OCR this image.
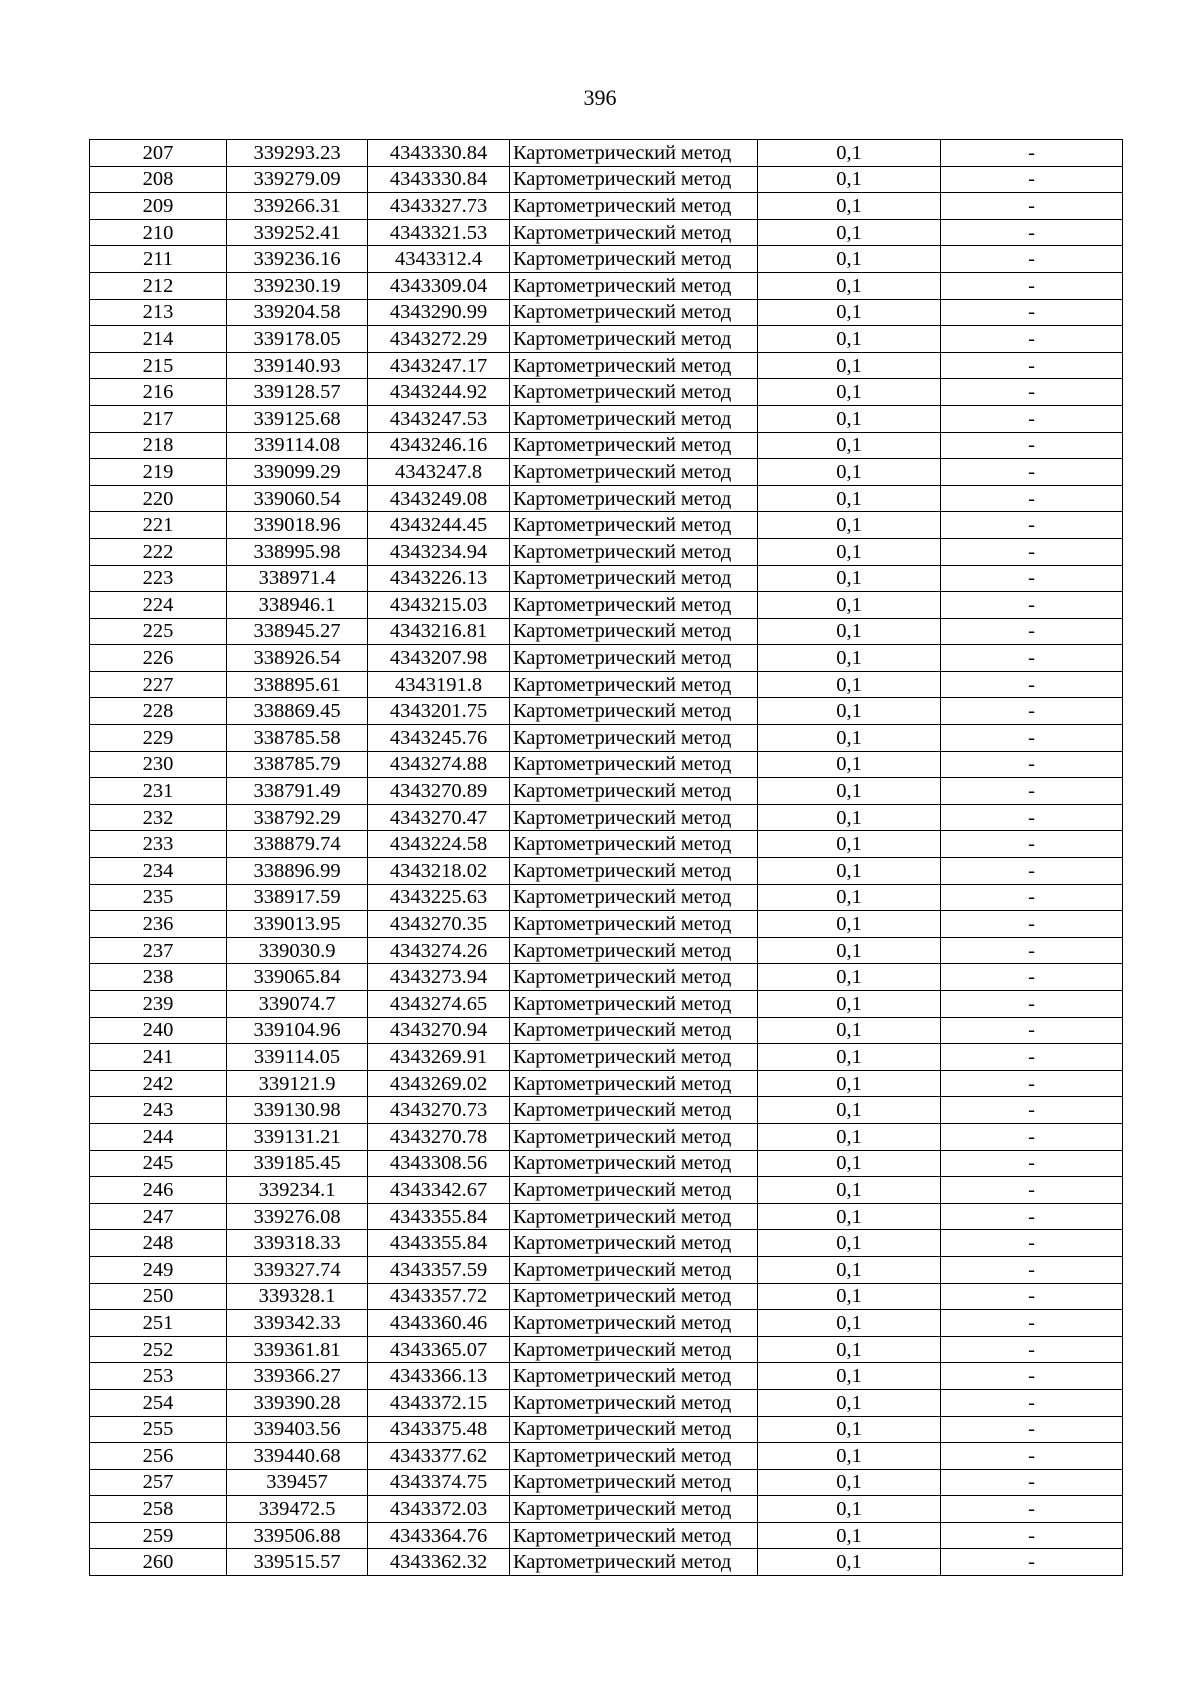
396
207	339293.23	4343330.84	Картометрический метод	0,1	-
208	339279.09	4343330.84	Картометрический метод	0,1	-
209	339266.31	4343327.73	Картометрический метод	0,1	-
210	339252.41	4343321.53	Картометрический метод	0,1	-
211	339236.16	4343312.4	Картометрический метод	0,1	-
212	339230.19	4343309.04	Картометрический метод	0,1	-
213	339204.58	4343290.99	Картометрический метод	0,1	-
214	339178.05	4343272.29	Картометрический метод	0,1	-
215	339140.93	4343247.17	Картометрический метод	0,1	-
216	339128.57	4343244.92	Картометрический метод	0,1	-
217	339125.68	4343247.53	Картометрический метод	0,1	-
218	339114.08	4343246.16	Картометрический метод	0,1	-
219	339099.29	4343247.8	Картометрический метод	0,1	-
220	339060.54	4343249.08	Картометрический метод	0,1	-
221	339018.96	4343244.45	Картометрический метод	0,1	-
222	338995.98	4343234.94	Картометрический метод	0,1	-
223	338971.4	4343226.13	Картометрический метод	0,1	-
224	338946.1	4343215.03	Картометрический метод	0,1	-
225	338945.27	4343216.81	Картометрический метод	0,1	-
226	338926.54	4343207.98	Картометрический метод	0,1	-
227	338895.61	4343191.8	Картометрический метод	0,1	-
228	338869.45	4343201.75	Картометрический метод	0,1	-
229	338785.58	4343245.76	Картометрический метод	0,1	-
230	338785.79	4343274.88	Картометрический метод	0,1	-
231	338791.49	4343270.89	Картометрический метод	0,1	-
232	338792.29	4343270.47	Картометрический метод	0,1	-
233	338879.74	4343224.58	Картометрический метод	0,1	-
234	338896.99	4343218.02	Картометрический метод	0,1	-
235	338917.59	4343225.63	Картометрический метод	0,1	-
236	339013.95	4343270.35	Картометрический метод	0,1	-
237	339030.9	4343274.26	Картометрический метод	0,1	-
238	339065.84	4343273.94	Картометрический метод	0,1	-
239	339074.7	4343274.65	Картометрический метод	0,1	-
240	339104.96	4343270.94	Картометрический метод	0,1	-
241	339114.05	4343269.91	Картометрический метод	0,1	-
242	339121.9	4343269.02	Картометрический метод	0,1	-
243	339130.98	4343270.73	Картометрический метод	0,1	-
244	339131.21	4343270.78	Картометрический метод	0,1	-
245	339185.45	4343308.56	Картометрический метод	0,1	-
246	339234.1	4343342.67	Картометрический метод	0,1	-
247	339276.08	4343355.84	Картометрический метод	0,1	-
248	339318.33	4343355.84	Картометрический метод	0,1	-
249	339327.74	4343357.59	Картометрический метод	0,1	-
250	339328.1	4343357.72	Картометрический метод	0,1	-
251	339342.33	4343360.46	Картометрический метод	0,1	-
252	339361.81	4343365.07	Картометрический метод	0,1	-
253	339366.27	4343366.13	Картометрический метод	0,1	-
254	339390.28	4343372.15	Картометрический метод	0,1	-
255	339403.56	4343375.48	Картометрический метод	0,1	-
256	339440.68	4343377.62	Картометрический метод	0,1	-
257	339457	4343374.75	Картометрический метод	0,1	-
258	339472.5	4343372.03	Картометрический метод	0,1	-
259	339506.88	4343364.76	Картометрический метод	0,1	-
260	339515.57	4343362.32	Картометрический метод	0,1	-
